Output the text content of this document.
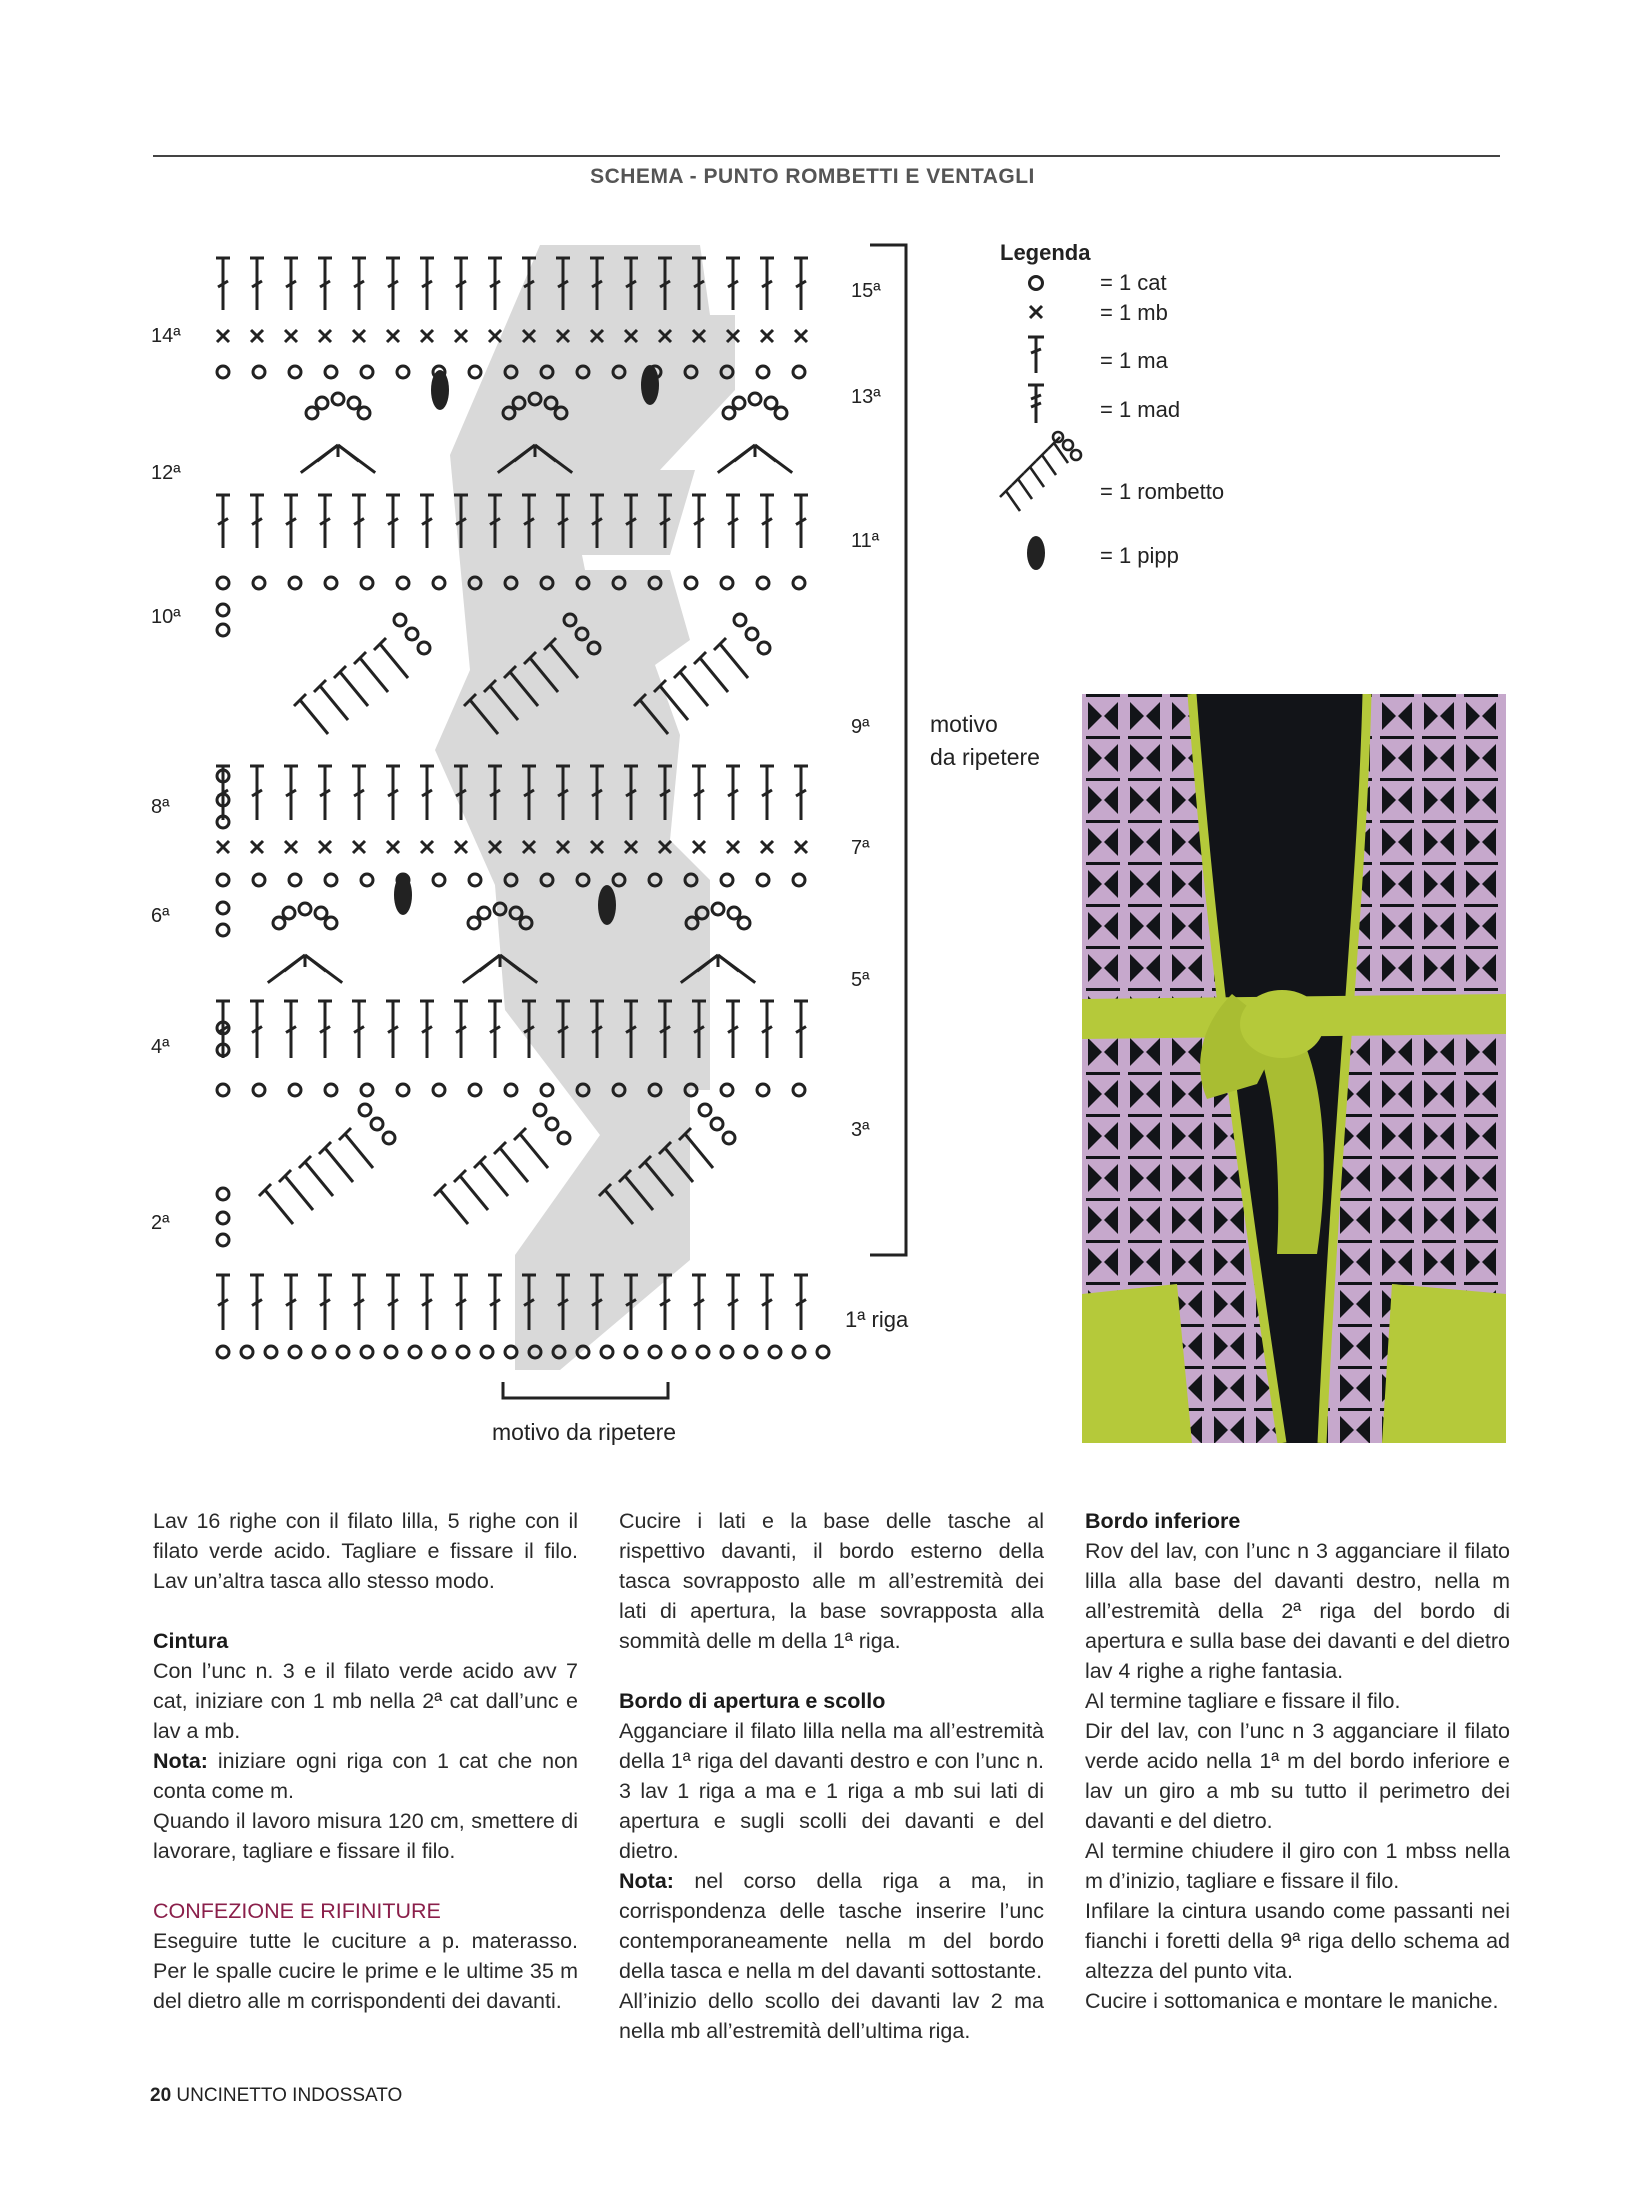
SCHEMA - PUNTO ROMBETTI E VENTAGLI
14ª
12ª
10ª
8ª
6ª
4ª
2ª
15ª
13ª
11ª
9ª
7ª
5ª
3ª
1ª riga
motivo
da ripetere
motivo da ripetere
Legenda
= 1 cat
= 1 mb
= 1 ma
= 1 mad
= 1 rombetto
= 1 pipp

Lav 16 righe con il filato lilla, 5 righe con il filato verde acido. Tagliare e fissare il filo. Lav un’altra tasca allo stesso modo.

Cintura

Con l’unc n. 3 e il filato verde acido avv 7 cat, iniziare con 1 mb nella 2ª cat dall’unc e lav a mb.

Nota: iniziare ogni riga con 1 cat che non conta come m.

Quando il lavoro misura 120 cm, smettere di lavorare, tagliare e fissare il filo.

CONFEZIONE E RIFINITURE

Eseguire tutte le cuciture a p. materasso. Per le spalle cucire le prime e le ultime 35 m del dietro alle m corrispondenti dei davanti.

Cucire i lati e la base delle tasche al rispettivo davanti, il bordo esterno della tasca sovrapposto alle m all’estremità dei lati di apertura, la base sovrapposta alla sommità delle m della 1ª riga.

Bordo di apertura e scollo

Agganciare il filato lilla nella ma all’estremità della 1ª riga del davanti destro e con l’unc n. 3 lav 1 riga a ma e 1 riga a mb sui lati di apertura e sugli scolli dei davanti e del dietro.

Nota: nel corso della riga a ma, in corrispondenza delle tasche inserire l’unc contemporaneamente nella m del bordo della tasca e nella m del davanti sottostante.

All’inizio dello scollo dei davanti lav 2 ma nella mb all’estremità dell’ultima riga.

Bordo inferiore

Rov del lav, con l’unc n 3 agganciare il filato lilla alla base del davanti destro, nella m all’estremità della 2ª riga del bordo di apertura e sulla base dei davanti e del dietro lav 4 righe a righe fantasia.

Al termine tagliare e fissare il filo.

Dir del lav, con l’unc n 3 agganciare il filato verde acido nella 1ª m del bordo inferiore e lav un giro a mb su tutto il perimetro dei davanti e del dietro.

Al termine chiudere il giro con 1 mbss nella m d’inizio, tagliare e fissare il filo.

Infilare la cintura usando come passanti nei fianchi i foretti della 9ª riga dello schema ad altezza del punto vita.

Cucire i sottomanica e montare le maniche.

20 UNCINETTO INDOSSATO
